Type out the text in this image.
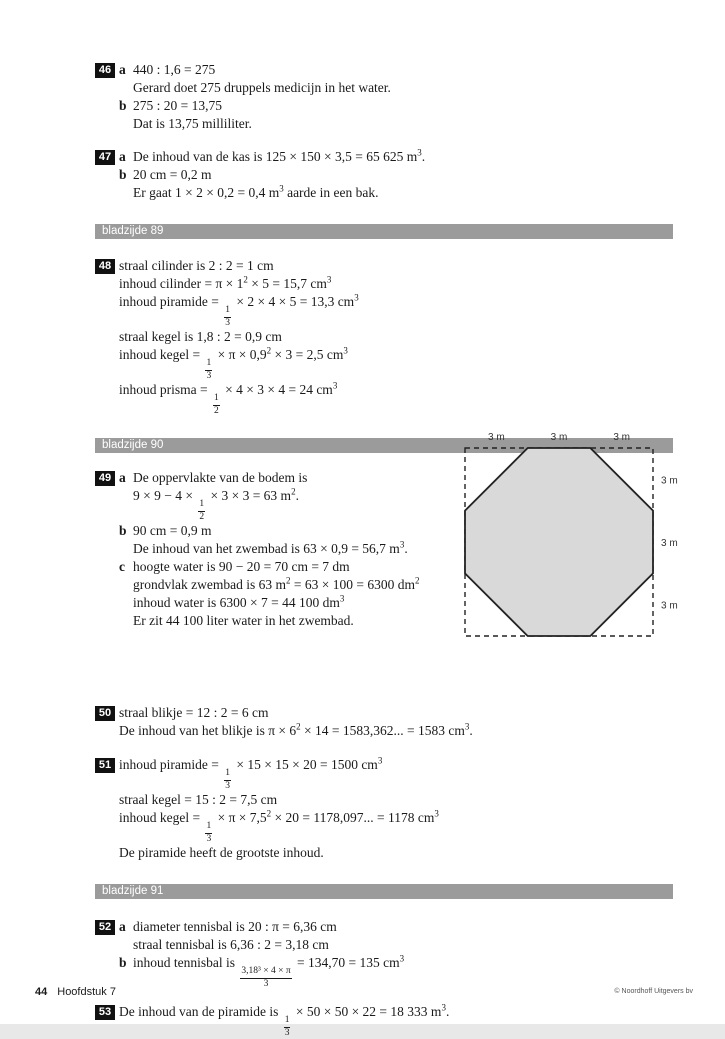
46 a 440 : 1,6 = 275
Gerard doet 275 druppels medicijn in het water.
b 275 : 20 = 13,75
Dat is 13,75 milliliter.
47 a De inhoud van de kas is 125 × 150 × 3,5 = 65 625 $m^3$.
b 20 cm = 0,2 m
Er gaat 1 × 2 × 0,2 = 0,4 $m^3$ aarde in een bak.
bladzijde 89
48 straal cilinder is 2 : 2 = 1 cm
inhoud cilinder = $\pi \times 1^2 \times 5 = 15,7$ $cm^3$
inhoud piramide =
$\frac{1}{3}$
× 2 × 4 × 5 = 13,3 $cm^3$
straal kegel is 1,8 : 2 = 0,9 cm
inhoud kegel =
$\frac{1}{3}$
× $\pi \times 0,9^2 \times 3 = 2,5$ $cm^3$
inhoud prisma =
$\frac{1}{2}$
× 4 × 3 × 4 = 24 $cm^3$
bladzijde 90
49 a De oppervlakte van de bodem is
9 × 9 − 4 ×
$\frac{1}{2}$
× 3 × 3 = 63 $m^2$.
b 90 cm = 0,9 m
De inhoud van het zwembad is 63 × 0,9 = 56,7 $m^3$.
c hoogte water is 90 − 20 = 70 cm = 7 dm
grondvlak zwembad is 63 $m^2 = 63 \times 100 = 6300$ $dm^2$
inhoud water is 6300 × 7 = 44 100 $dm^3$
Er zit 44 100 liter water in het zwembad.
50 straal blikje = 12 : 2 = 6 cm
De inhoud van het blikje is $\pi \times 6^2 \times 14 = 1583,362$... = 1583 $cm^3$.
51 inhoud piramide =
$\frac{1}{3}$
× 15 × 15 × 20 = 1500 $cm^3$
straal kegel = 15 : 2 = 7,5 cm
inhoud kegel =
$\frac{1}{3}$
× $\pi \times 7,5^2 \times 20 = 1178,097$... = 1178 $cm^3$
De piramide heeft de grootste inhoud.
bladzijde 91
52 a diameter tennisbal is 20 : π = 6,36 cm
straal tennisbal is 6,36 : 2 = 3,18 cm
b inhoud tennisbal is
$\frac{\text{3,18³ × 4 × π}}{3}$
= 134,70 = 135 $cm^3$
53 De inhoud van de piramide is
$\frac{1}{3}$
× 50 × 50 × 22 = 18 333 $m^3$.
3 m	3 m	3 m
3 m
3 m
3 m
44 Hoofdstuk 7	© Noordhoff Uitgevers bv
